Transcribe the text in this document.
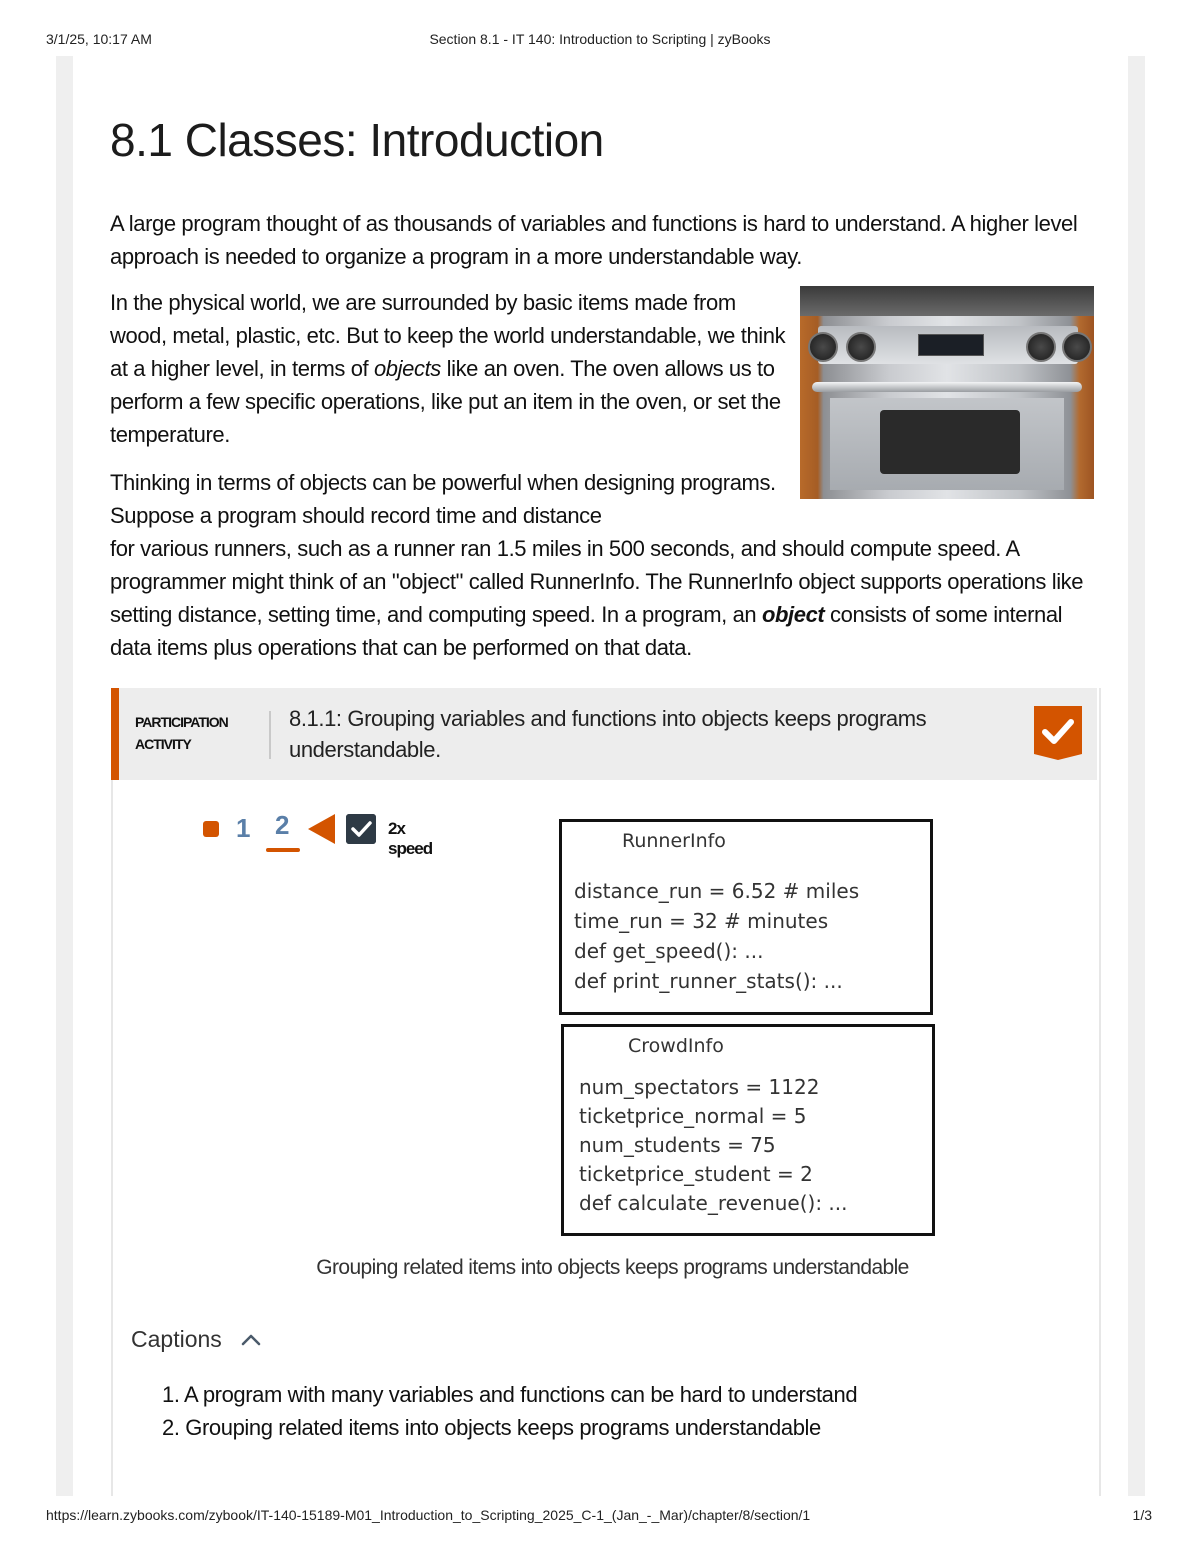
3/1/25, 10:17 AM	Section 8.1 - IT 140: Introduction to Scripting | zyBooks
8.1 Classes: Introduction

A large program thought of as thousands of variables and functions is hard to understand. A higher level approach is needed to organize a program in a more understandable way.

In the physical world, we are surrounded by basic items made from wood, metal, plastic, etc. But to keep the world understandable, we think at a higher level, in terms of objects like an oven. The oven allows us to perform a few specific operations, like put an item in the oven, or set the temperature.

Thinking in terms of objects can be powerful when designing programs. Suppose a program should record time and distance

for various runners, such as a runner ran 1.5 miles in 500 seconds, and should compute speed. A programmer might think of an "object" called RunnerInfo. The RunnerInfo object supports operations like setting distance, setting time, and computing speed. In a program, an object consists of some internal data items plus operations that can be performed on that data.

PARTICIPATION
ACTIVITY
8.1.1: Grouping variables and functions into objects keeps programs understandable.
1 2	2x speed	RunnerInfo
distance_run = 6.52 # miles
time_run = 32 # minutes
def get_speed(): ...
def print_runner_stats(): ...
CrowdInfo
num_spectators = 1122
ticketprice_normal = 5
num_students = 75
ticketprice_student = 2
def calculate_revenue(): ...
Grouping related items into objects keeps programs understandable
Captions
1. A program with many variables and functions can be hard to understand
2. Grouping related items into objects keeps programs understandable
https://learn.zybooks.com/zybook/IT-140-15189-M01_Introduction_to_Scripting_2025_C-1_(Jan_-_Mar)/chapter/8/section/1	1/3
